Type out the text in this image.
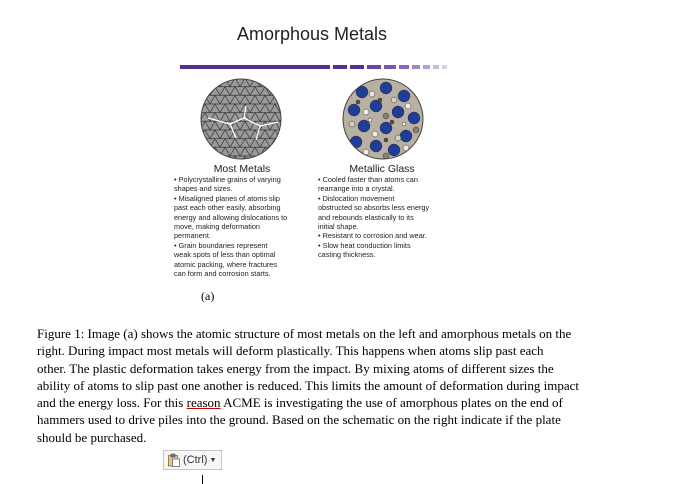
Amorphous Metals
Most Metals	Metallic Glass
• Polycrystalline grains of varying
shapes and sizes.
• Misaligned planes of atoms slip
past each other easily, absorbing
energy and allowing dislocations to
move, making deformation
permanent.
• Grain boundaries represent
weak spots of less than optimal
atomic packing, where fractures
can form and corrosion starts.
• Cooled faster than atoms can
rearrange into a crystal.
• Dislocation movement
obstructed so absorbs less energy
and rebounds elastically to its
initial shape.
• Resistant to corrosion and wear.
• Slow heat conduction limits
casting thickness.
(a)
Figure 1: Image (a) shows the atomic structure of most metals on the left and amorphous metals on the
right. During impact most metals will deform plastically. This happens when atoms slip past each
other. The plastic deformation takes energy from the impact. By mixing atoms of different sizes the
ability of atoms to slip past one another is reduced. This limits the amount of deformation during impact
and the energy loss. For this reason ACME is investigating the use of amorphous plates on the end of
hammers used to drive piles into the ground. Based on the schematic on the right indicate if the plate
should be purchased.
(Ctrl) ▼
